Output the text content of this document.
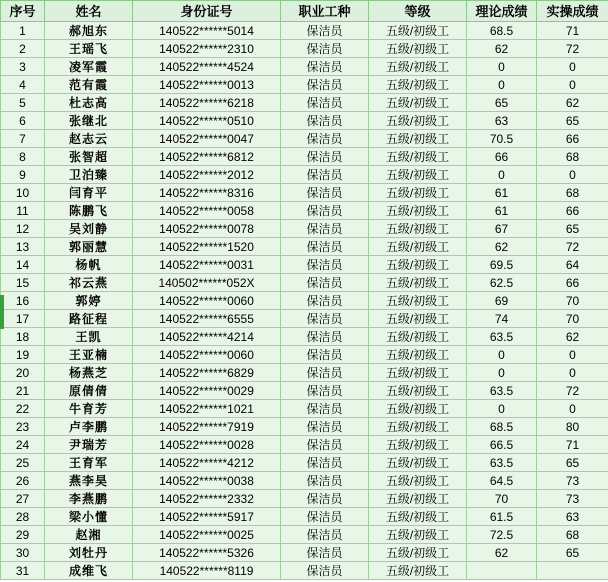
序号	姓名	身份证号	职业工种	等级	理论成绩	实操成绩
1	郝旭东	140522******5014	保洁员	五级/初级工	68.5	71
2	王瑶飞	140522******2310	保洁员	五级/初级工	62	72
3	凌军霞	140522******4524	保洁员	五级/初级工	0	0
4	范有霞	140522******0013	保洁员	五级/初级工	0	0
5	杜志高	140522******6218	保洁员	五级/初级工	65	62
6	张继北	140522******0510	保洁员	五级/初级工	63	65
7	赵志云	140522******0047	保洁员	五级/初级工	70.5	66
8	张智超	140522******6812	保洁员	五级/初级工	66	68
9	卫泊臻	140522******2012	保洁员	五级/初级工	0	0
10	闫育平	140522******8316	保洁员	五级/初级工	61	68
11	陈鹏飞	140522******0058	保洁员	五级/初级工	61	66
12	吴刘静	140522******0078	保洁员	五级/初级工	67	65
13	郭丽慧	140522******1520	保洁员	五级/初级工	62	72
14	杨帆	140522******0031	保洁员	五级/初级工	69.5	64
15	祁云燕	140502******052X	保洁员	五级/初级工	62.5	66
16	郭婷	140522******0060	保洁员	五级/初级工	69	70
17	路征程	140522******6555	保洁员	五级/初级工	74	70
18	王凯	140522******4214	保洁员	五级/初级工	63.5	62
19	王亚楠	140522******0060	保洁员	五级/初级工	0	0
20	杨燕芝	140522******6829	保洁员	五级/初级工	0	0
21	原倩倩	140522******0029	保洁员	五级/初级工	63.5	72
22	牛育芳	140522******1021	保洁员	五级/初级工	0	0
23	卢李鹏	140522******7919	保洁员	五级/初级工	68.5	80
24	尹瑞芳	140522******0028	保洁员	五级/初级工	66.5	71
25	王育军	140522******4212	保洁员	五级/初级工	63.5	65
26	燕李昊	140522******0038	保洁员	五级/初级工	64.5	73
27	李燕鹏	140522******2332	保洁员	五级/初级工	70	73
28	梁小懂	140522******5917	保洁员	五级/初级工	61.5	63
29	赵湘	140522******0025	保洁员	五级/初级工	72.5	68
30	刘牡丹	140522******5326	保洁员	五级/初级工	62	65
31	成维飞	140522******8119	保洁员	五级/初级工		
